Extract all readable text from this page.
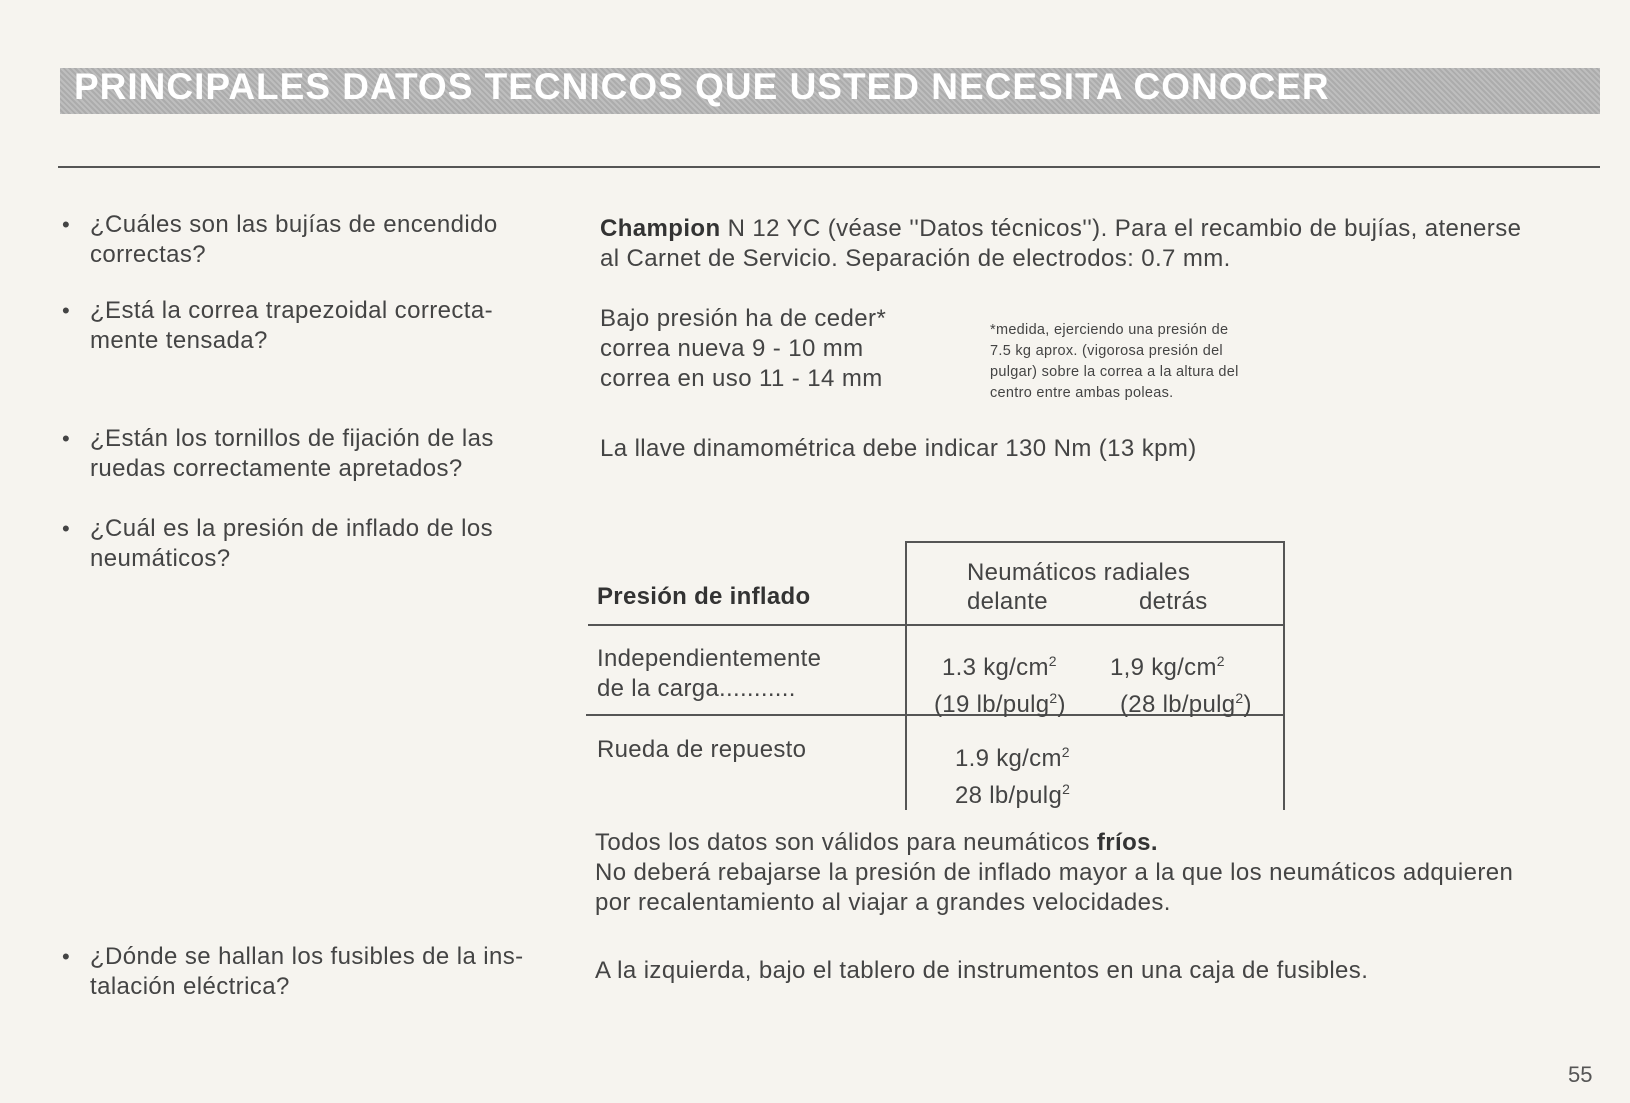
PRINCIPALES DATOS TECNICOS QUE USTED NECESITA CONOCER
• ¿Cuáles son las bujías de encendido
correctas?
• ¿Está la correa trapezoidal correcta-
mente tensada?
• ¿Están los tornillos de fijación de las
ruedas correctamente apretados?
• ¿Cuál es la presión de inflado de los
neumáticos?
• ¿Dónde se hallan los fusibles de la ins-
talación eléctrica?
Champion N 12 YC (véase ''Datos técnicos''). Para el recambio de bujías, atenerse
al Carnet de Servicio. Separación de electrodos: 0.7 mm.
Bajo presión ha de ceder*
correa nueva 9 - 10 mm
correa en uso 11 - 14 mm
*medida, ejerciendo una presión de
7.5 kg aprox. (vigorosa presión del
pulgar) sobre la correa a la altura del
centro entre ambas poleas.
La llave dinamométrica debe indicar 130 Nm (13 kpm)
Presión de inflado
Neumáticos radiales
delante	detrás
Independientemente
de la carga...........
1.3 $kg/cm^2$
(19 lb/pulg$^2$)
1,9 $kg/cm^2$
(28 lb/pulg$^2$)
Rueda de repuesto	1.9 $kg/cm^2$
28 lb/pulg$^2$
Todos los datos son válidos para neumáticos fríos.
No deberá rebajarse la presión de inflado mayor a la que los neumáticos adquieren
por recalentamiento al viajar a grandes velocidades.
A la izquierda, bajo el tablero de instrumentos en una caja de fusibles.
55
